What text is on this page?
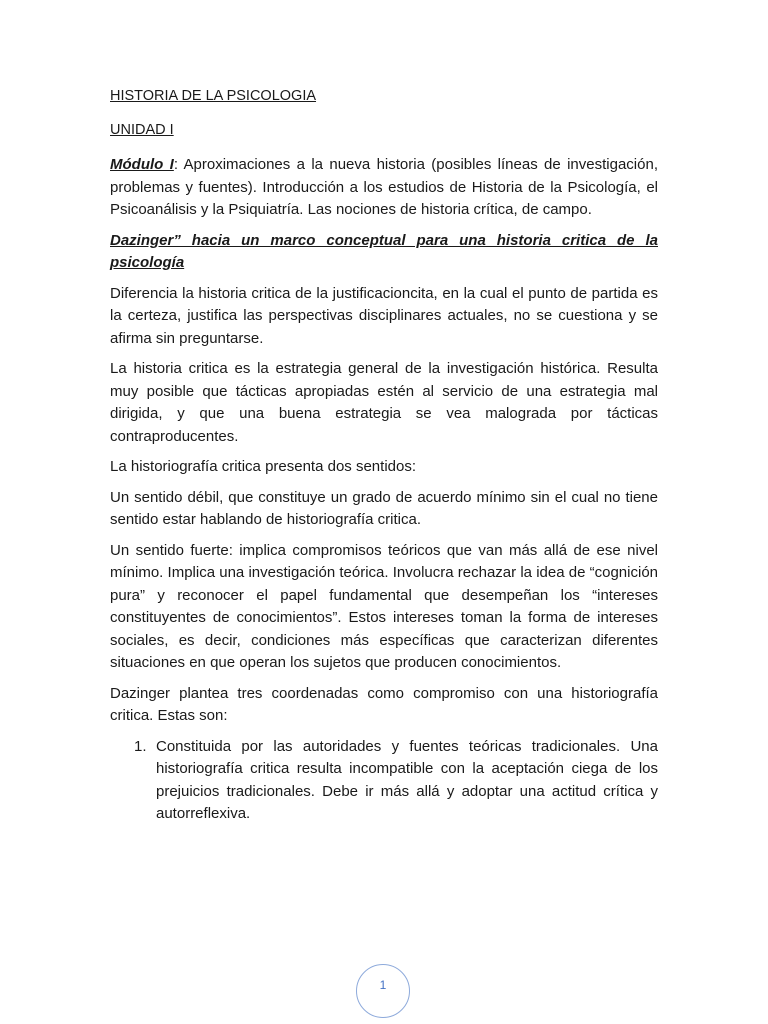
HISTORIA DE LA PSICOLOGIA
UNIDAD I

Módulo I: Aproximaciones a la nueva historia (posibles líneas de investigación, problemas y fuentes). Introducción a los estudios de Historia de la Psicología, el Psicoanálisis y la Psiquiatría. Las nociones de historia crítica, de campo.

Dazinger” hacia un marco conceptual para una historia critica de la psicología

Diferencia la historia critica de la justificacioncita, en la cual el punto de partida es la certeza, justifica las perspectivas disciplinares actuales, no se cuestiona y se afirma sin preguntarse.

La historia critica es la estrategia general de la investigación histórica. Resulta muy posible que tácticas apropiadas estén al servicio de una estrategia mal dirigida, y que una buena estrategia se vea malograda por tácticas contraproducentes.

La historiografía critica presenta dos sentidos:

Un sentido débil, que constituye un grado de acuerdo mínimo sin el cual no tiene sentido estar hablando de historiografía critica.

Un sentido fuerte: implica compromisos teóricos que van más allá de ese nivel mínimo. Implica una investigación teórica. Involucra rechazar la idea de “cognición pura” y reconocer el papel fundamental que desempeñan los “intereses constituyentes de conocimientos”. Estos intereses toman la forma de intereses sociales, es decir, condiciones más específicas que caracterizan diferentes situaciones en que operan los sujetos que producen conocimientos.

Dazinger plantea tres coordenadas como compromiso con una historiografía critica. Estas son:

1. Constituida por las autoridades y fuentes teóricas tradicionales. Una historiografía critica resulta incompatible con la aceptación ciega de los prejuicios tradicionales. Debe ir más allá y adoptar una actitud crítica y autorreflexiva.
1
